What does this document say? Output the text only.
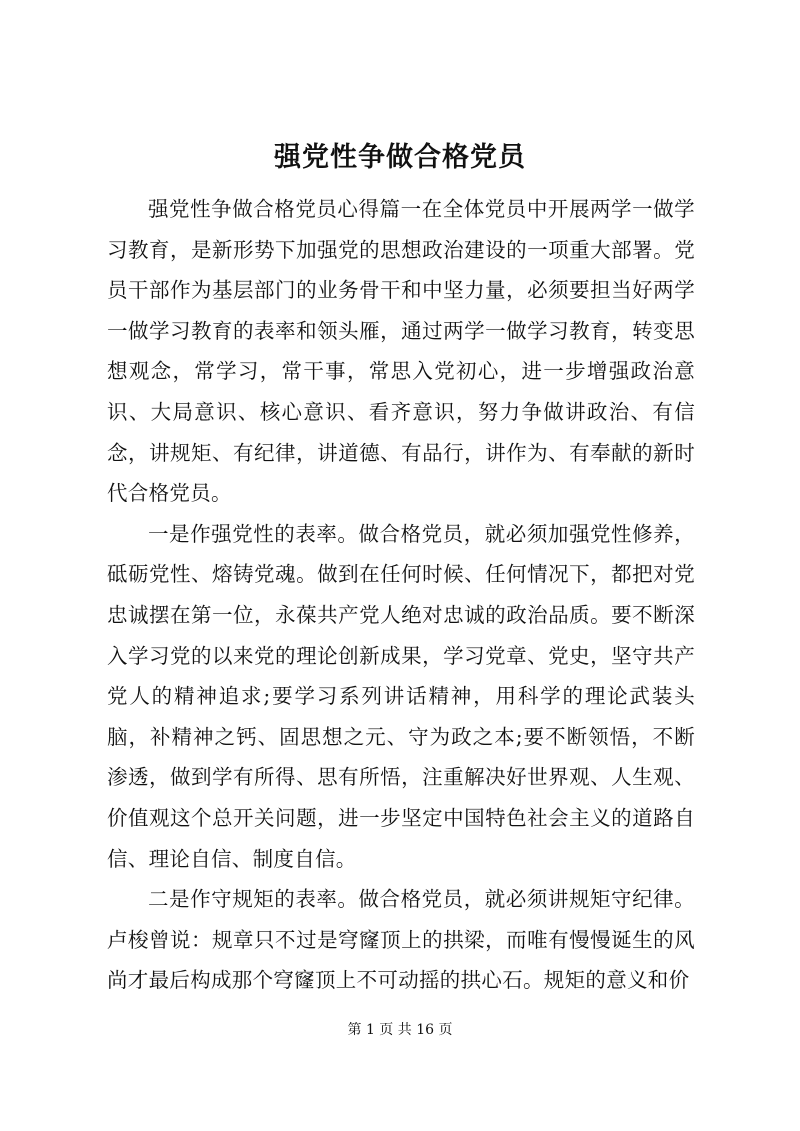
强党性争做合格党员

强党性争做合格党员心得篇一在全体党员中开展两学一做学习教育，是新形势下加强党的思想政治建设的一项重大部署。党员干部作为基层部门的业务骨干和中坚力量，必须要担当好两学一做学习教育的表率和领头雁，通过两学一做学习教育，转变思想观念，常学习，常干事，常思入党初心，进一步增强政治意识、大局意识、核心意识、看齐意识，努力争做讲政治、有信念，讲规矩、有纪律，讲道德、有品行，讲作为、有奉献的新时代合格党员。

一是作强党性的表率。做合格党员，就必须加强党性修养，砥砺党性、熔铸党魂。做到在任何时候、任何情况下，都把对党忠诚摆在第一位，永葆共产党人绝对忠诚的政治品质。要不断深入学习党的以来党的理论创新成果，学习党章、党史，坚守共产党人的精神追求;要学习系列讲话精神，用科学的理论武装头脑，补精神之钙、固思想之元、守为政之本;要不断领悟，不断渗透，做到学有所得、思有所悟，注重解决好世界观、人生观、价值观这个总开关问题，进一步坚定中国特色社会主义的道路自信、理论自信、制度自信。

二是作守规矩的表率。做合格党员，就必须讲规矩守纪律。卢梭曾说：规章只不过是穹窿顶上的拱梁，而唯有慢慢诞生的风尚才最后构成那个穹窿顶上不可动摇的拱心石。规矩的意义和价

第 1 页 共 16 页
